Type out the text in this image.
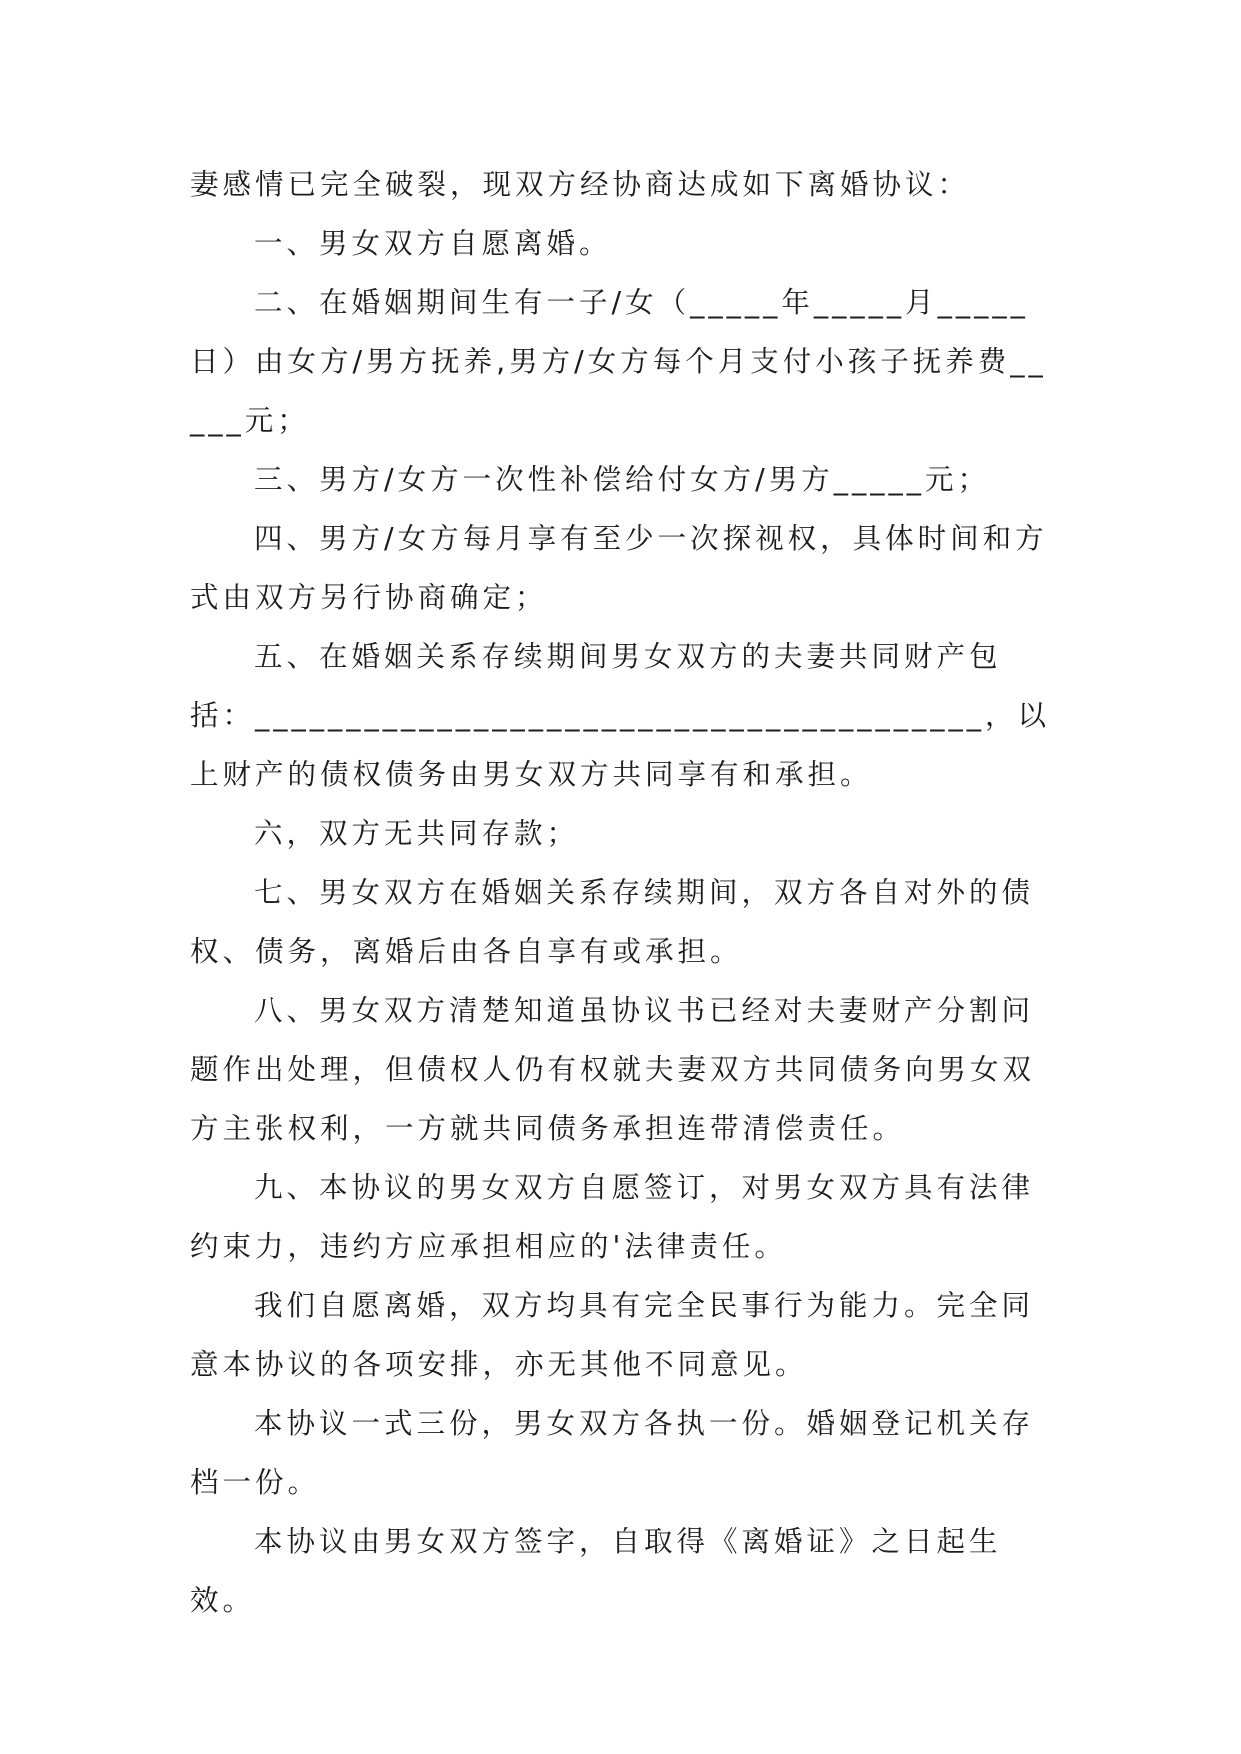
妻感情已完全破裂，现双方经协商达成如下离婚协议：

一、男女双方自愿离婚。

二、在婚姻期间生有一子/女（_____年_____月_____日）由女方/男方抚养,男方/女方每个月支付小孩子抚养费_____元；

三、男方/女方一次性补偿给付女方/男方_____元；

四、男方/女方每月享有至少一次探视权，具体时间和方式由双方另行协商确定；

五、在婚姻关系存续期间男女双方的夫妻共同财产包括：________________________________________，以上财产的债权债务由男女双方共同享有和承担。

六，双方无共同存款；

七、男女双方在婚姻关系存续期间，双方各自对外的债权、债务，离婚后由各自享有或承担。

八、男女双方清楚知道虽协议书已经对夫妻财产分割问题作出处理，但债权人仍有权就夫妻双方共同债务向男女双方主张权利，一方就共同债务承担连带清偿责任。

九、本协议的男女双方自愿签订，对男女双方具有法律约束力，违约方应承担相应的'法律责任。

我们自愿离婚，双方均具有完全民事行为能力。完全同意本协议的各项安排，亦无其他不同意见。

本协议一式三份，男女双方各执一份。婚姻登记机关存档一份。

本协议由男女双方签字，自取得《离婚证》之日起生效。
